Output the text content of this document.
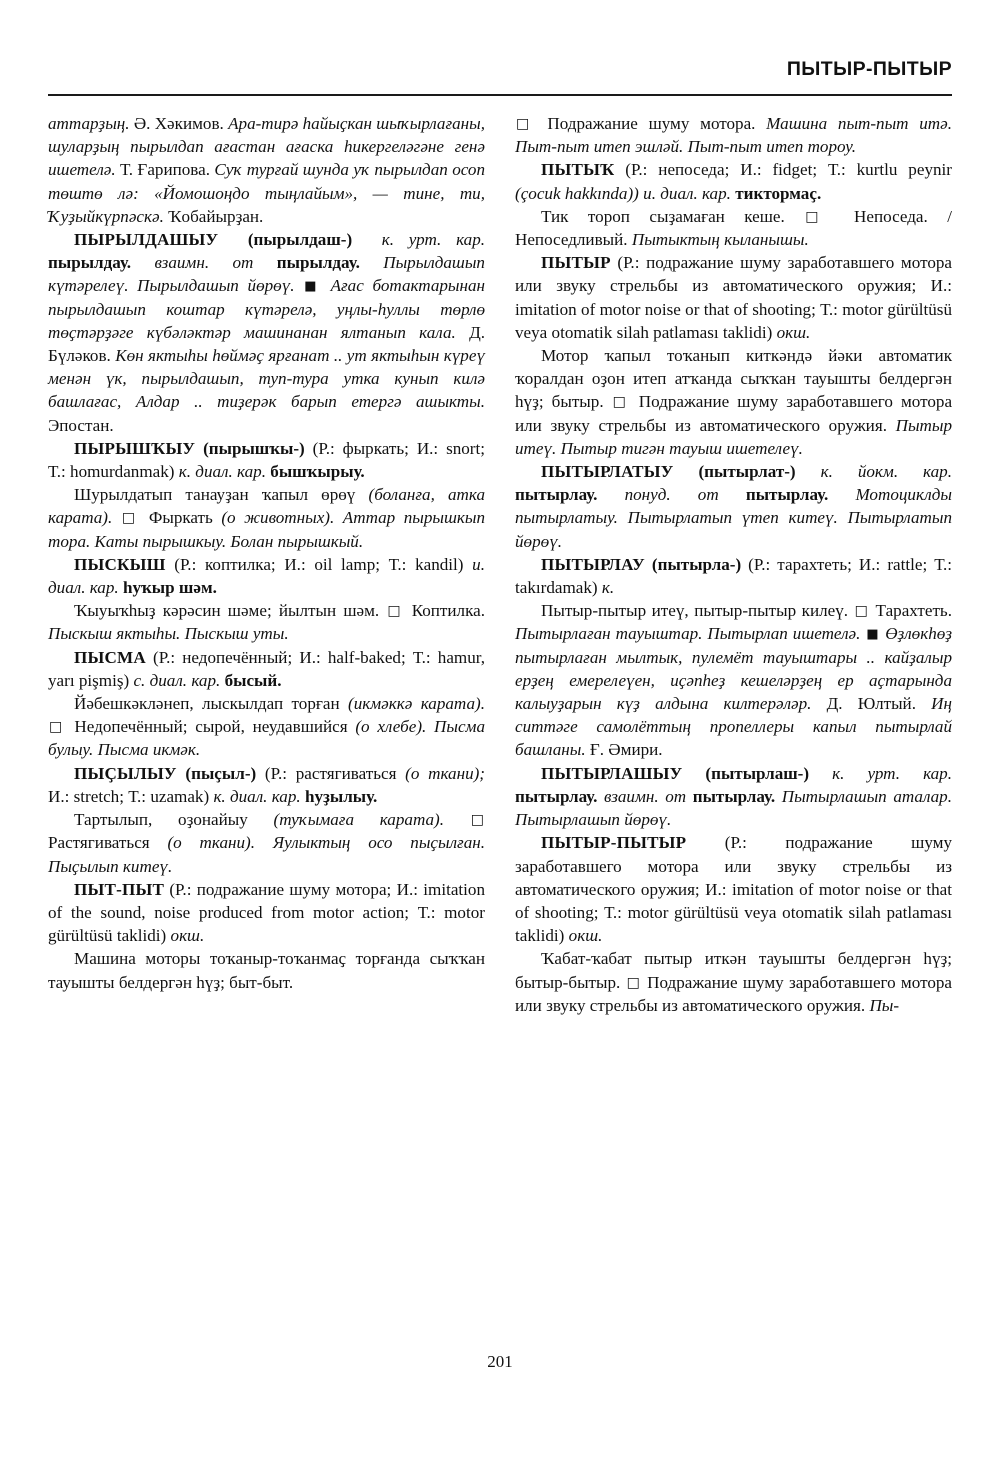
ПЫТЫР-ПЫТЫР

аттарҙың. Ә. Хәкимов. Ара-тирә һайыҫкан шыҡырлағаны, шуларҙың пырылдап ағастан ағаска һикергеләгәне генә ишетелә. Т. Ғарипова. Суҡ турғай шунда уҡ пырылдап осоп төштө лә: «Йомошоңдо тыңлайым», — тине, ти, Ҡуҙыйкүрпәскә. Ҡобайырҙан.

ПЫРЫЛДАШЫУ (пырылдаш-) к. урт. кар. пырылдау. взаимн. от пырылдау. Пырылдашып күтәрелеү. Пырылдашып йөрөү. ■ Ағас ботактарынан пырылдашып коштар күтәрелә, уңлы-һуллы төрлө төҫтәрҙәге күбәләктәр машинанан ялтанып кала. Д. Бүләков. Көн яктыһы һөймәҫ ярғанат .. ут яктыһын күреү менән үк, пырылдашып, туп-тура утка кунып килә башлағас, Алдар .. тиҙерәк барып етергә ашыкты. Эпостан.

ПЫРЫШҠЫУ (пырышҡы-) (Р.: фыркать; И.: snort; Т.: homurdanmak) к. диал. кар. бышҡырыу.

Шурылдатып танауҙан ҡапыл өрөү (боланға, атка карата). □ Фыркать (о животных). Аттар пырышкып тора. Каты пырышкыу. Болан пырышкый.

ПЫСКЫШ (Р.: коптилка; И.: oil lamp; Т.: kandil) и. диал. кар. һуҡыр шәм.

Ҡыуыҡһыҙ кәрәсин шәме; йылтын шәм. □ Коптилка. Пыскыш яктыһы. Пыскыш уты.

ПЫСМА (Р.: недопечённый; И.: half-baked; Т.: hamur, yarı pişmiş) с. диал. кар. бысый.

Йәбешкәкләнеп, лыскылдап торған (икмәккә карата). □ Недопечённый; сырой, неудавшийся (о хлебе). Пысма булыу. Пысма икмәк.

ПЫҪЫЛЫУ (пыҫыл-) (Р.: растягиваться (о ткани); И.: stretch; Т.: uzamak) к. диал. кар. һуҙылыу.

Тартылып, оҙонайыу (туҡымаға карата). □ Растягиваться (о ткани). Яулыктың осо пыҫылған. Пыҫылып китеү.

ПЫТ-ПЫТ (Р.: подражание шуму мотора; И.: imitation of the sound, noise produced from motor action; Т.: motor gürültüsü taklidi) окш.

Машина моторы тоҡаныр-тоҡанмаҫ торғанда сыҡҡан тауышты белдергән һүҙ; быт-быт.

□ Подражание шуму мотора. Машина пыт-пыт итә. Пыт-пыт итеп эшләй. Пыт-пыт итеп тороу.

ПЫТЫҠ (Р.: непоседа; И.: fidget; Т.: kurtlu peynir (çocuk hakkında)) и. диал. кар. тиктормаҫ.

Тик тороп сыҙамаған кеше. □ Непоседа. / Непоседливый. Пытыктың кыланышы.

ПЫТЫР (Р.: подражание шуму заработавшего мотора или звуку стрельбы из автоматического оружия; И.: imitation of motor noise or that of shooting; Т.: motor gürültüsü veya otomatik silah patlaması taklidi) окш.

Мотор ҡапыл тоҡанып киткәндә йәки автоматик ҡоралдан оҙон итеп атҡанда сыҡҡан тауышты белдергән һүҙ; бытыр. □ Подражание шуму заработавшего мотора или звуку стрельбы из автоматического оружия. Пытыр итеү. Пытыр тигән тауыш ишетелеү.

ПЫТЫРЛАТЫУ (пытырлат-) к. йокм. кар. пытырлау. понуд. от пытырлау. Мотоциклды пытырлатыу. Пытырлатып үтеп китеү. Пытырлатып йөрөү.

ПЫТЫРЛАУ (пытырла-) (Р.: тарахтеть; И.: rattle; Т.: takırdamak) к.

Пытыр-пытыр итеү, пытыр-пытыр килеү. □ Тарахтеть. Пытырлаған тауыштар. Пытырлап ишетелә. ■ Өҙлөкһөҙ пытырлаған мылтык, пулемёт тауыштары .. кайҙалыр ерҙең емерелеүен, иҫәпһеҙ кешеләрҙең ер аҫтарында калыуҙарын күҙ алдына килтерәләр. Д. Юлтый. Иң ситтәге самолёттың пропеллеры капыл пытырлай башланы. Ғ. Әмири.

ПЫТЫРЛАШЫУ (пытырлаш-) к. урт. кар. пытырлау. взаимн. от пытырлау. Пытырлашып аталар. Пытырлашып йөрөү.

ПЫТЫР-ПЫТЫР (Р.: подражание шуму заработавшего мотора или звуку стрельбы из автоматического оружия; И.: imitation of motor noise or that of shooting; Т.: motor gürültüsü veya otomatik silah patlaması taklidi) окш.

Ҡабат-ҡабат пытыр иткән тауышты белдергән һүҙ; бытыр-бытыр. □ Подражание шуму заработавшего мотора или звуку стрельбы из автоматического оружия. Пы-

201
